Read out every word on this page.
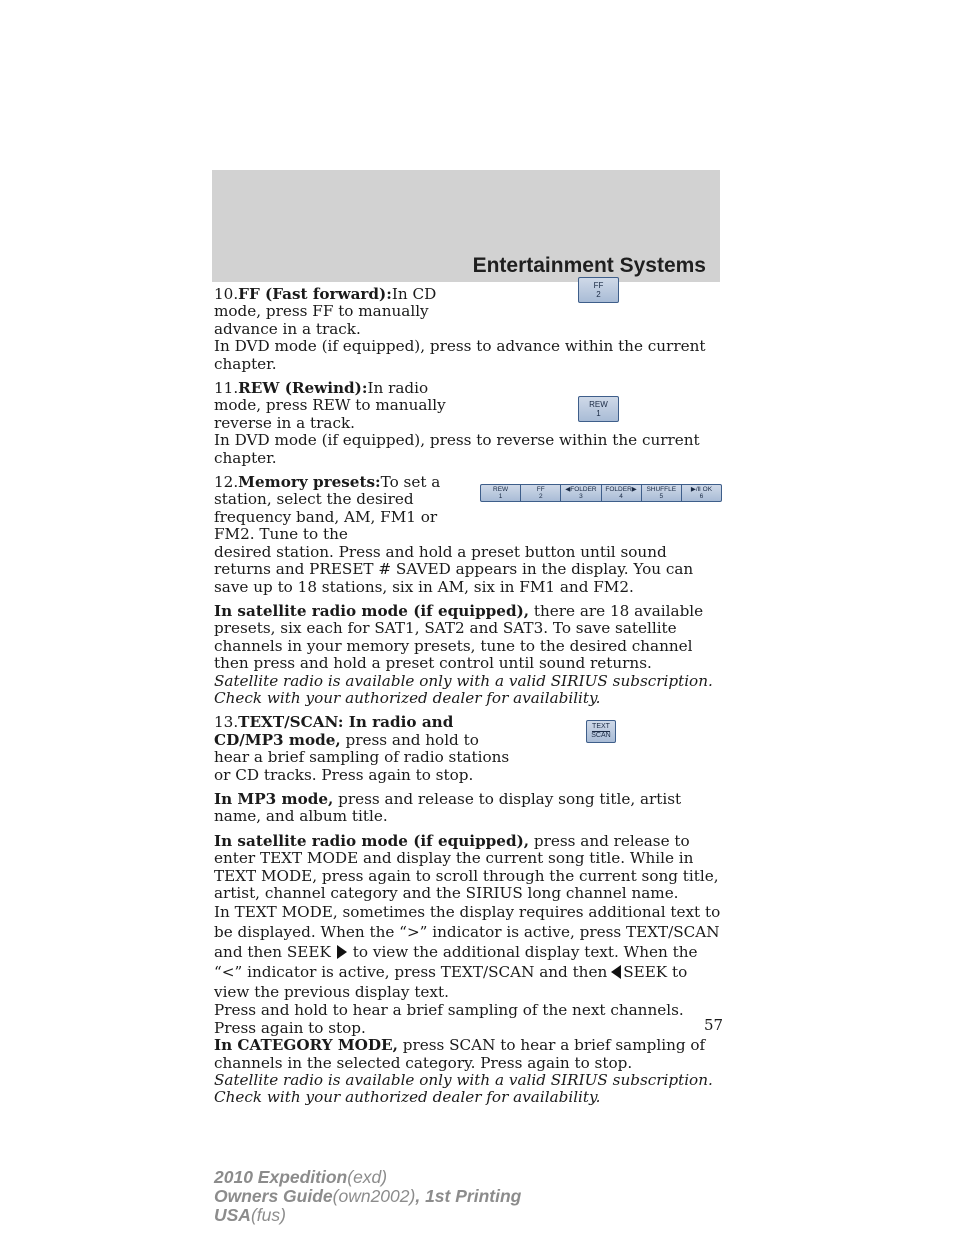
Entertainment Systems
FF
2
10.FF (Fast forward):In CD mode, press FF to manually advance in a track.

In DVD mode (if equipped), press to advance within the current chapter.

REW
1
11.REW (Rewind):In radio mode, press REW to manually reverse in a track.

In DVD mode (if equipped), press to reverse within the current chapter.

REW
1
FF
2
◀FOLDER
3
FOLDER▶
4
SHUFFLE
5
▶/Ⅱ OK
6
12.Memory presets:To set a station, select the desired frequency band, AM, FM1 or FM2. Tune to the

desired station. Press and hold a preset button until sound returns and PRESET # SAVED appears in the display. You can save up to 18 stations, six in AM, six in FM1 and FM2.

In satellite radio mode (if equipped), there are 18 available presets, six each for SAT1, SAT2 and SAT3. To save satellite channels in your memory presets, tune to the desired channel then press and hold a preset control until sound returns.

Satellite radio is available only with a valid SIRIUS subscription. Check with your authorized dealer for availability.

TEXT
SCAN

13.TEXT/SCAN: In radio and CD/MP3 mode, press and hold to hear a brief sampling of radio stations or CD tracks. Press again to stop.

In MP3 mode, press and release to display song title, artist name, and album title.

In satellite radio mode (if equipped), press and release to enter TEXT MODE and display the current song title. While in TEXT MODE, press again to scroll through the current song title, artist, channel category and the SIRIUS long channel name.

In TEXT MODE, sometimes the display requires additional text to be displayed. When the “>” indicator is active, press TEXT/SCAN and then SEEK to view the additional display text. When the “<” indicator is active, press TEXT/SCAN and then SEEK to view the previous display text.

Press and hold to hear a brief sampling of the next channels. Press again to stop.

In CATEGORY MODE, press SCAN to hear a brief sampling of channels in the selected category. Press again to stop.

Satellite radio is available only with a valid SIRIUS subscription. Check with your authorized dealer for availability.

57
2010 Expedition(exd)
Owners Guide(own2002), 1st Printing
USA(fus)
